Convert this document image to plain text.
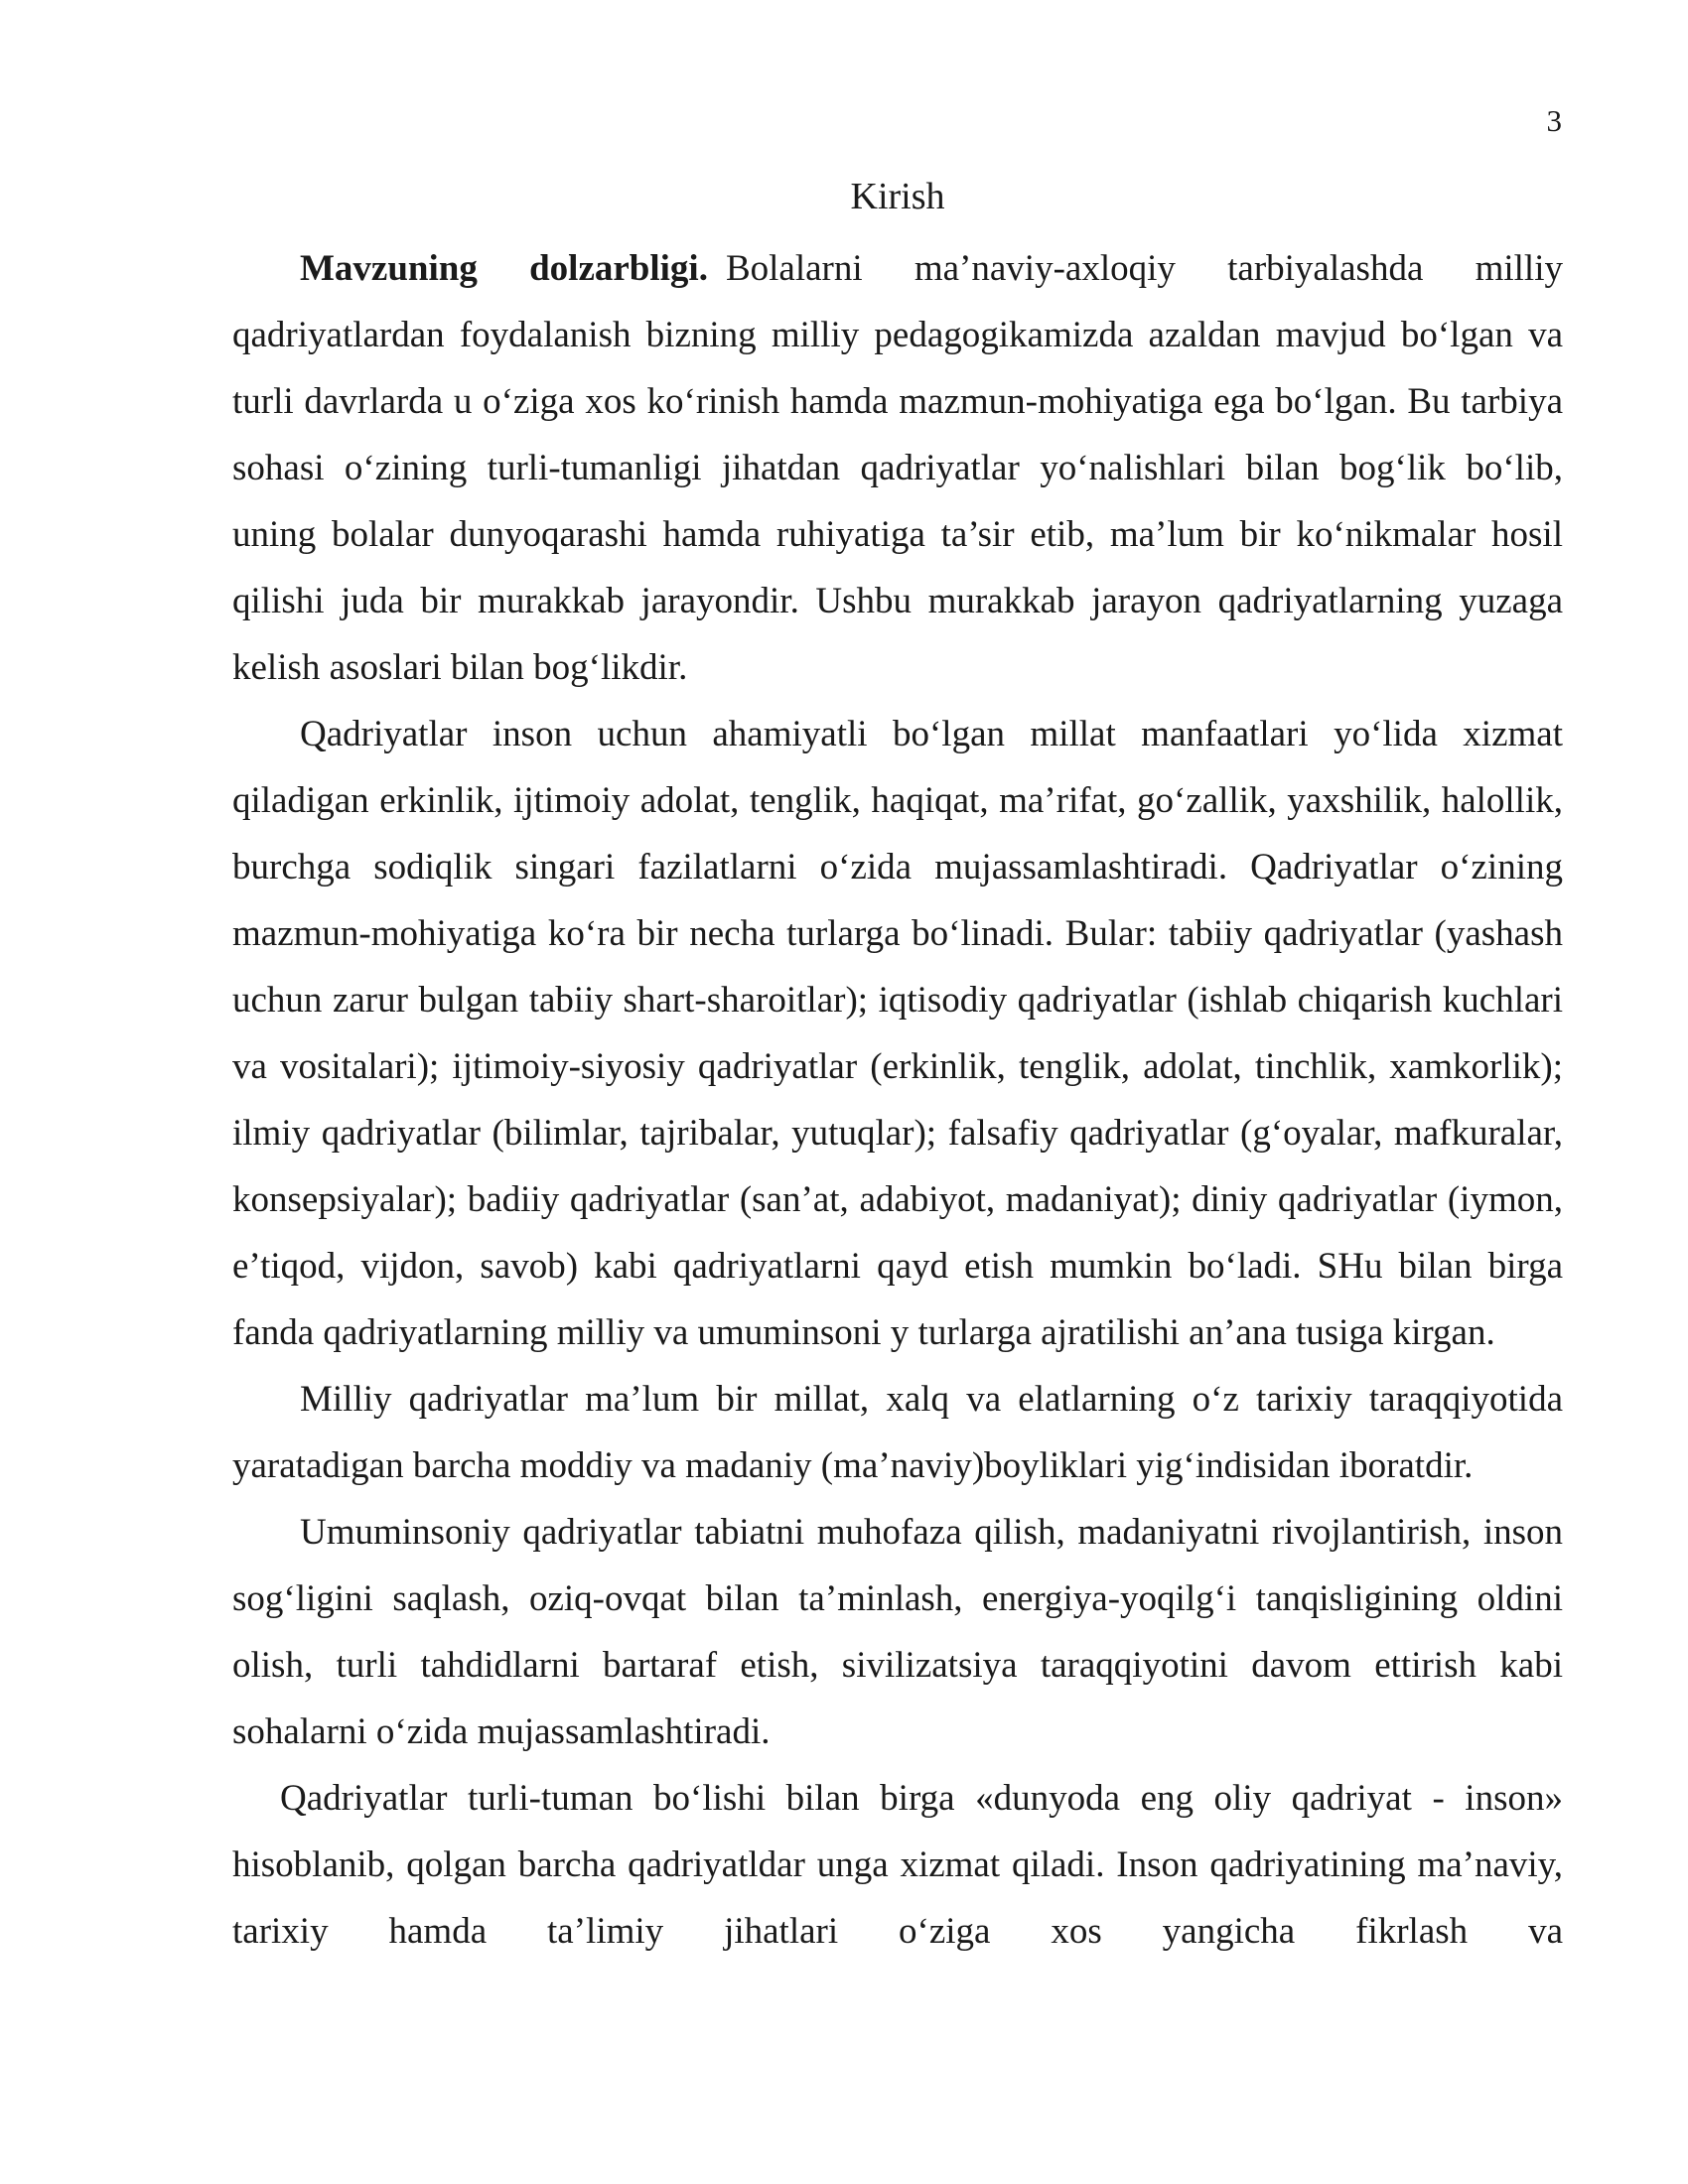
3
Kirish

Mavzuning dolzarbligi. Bolalarni ma’naviy-axloqiy tarbiyalashda milliy qadriyatlardan foydalanish bizning milliy pedagogikamizda azaldan mavjud bo‘lgan va turli davrlarda u o‘ziga xos ko‘rinish hamda mazmun-mohiyatiga ega bo‘lgan. Bu tarbiya sohasi o‘zining turli-tumanligi jihatdan qadriyatlar yo‘nalishlari bilan bog‘lik bo‘lib, uning bolalar dunyoqarashi hamda ruhiyatiga ta’sir etib, ma’lum bir ko‘nikmalar hosil qilishi juda bir murakkab jarayondir. Ushbu murakkab jarayon qadriyatlarning yuzaga kelish asoslari bilan bog‘likdir.

Qadriyatlar inson uchun ahamiyatli bo‘lgan millat manfaatlari yo‘lida xizmat qiladigan erkinlik, ijtimoiy adolat, tenglik, haqiqat, ma’rifat, go‘zallik, yaxshilik, halollik, burchga sodiqlik singari fazilatlarni o‘zida mujassamlashtiradi. Qadriyatlar o‘zining mazmun-mohiyatiga ko‘ra bir necha turlarga bo‘linadi. Bular: tabiiy qadriyatlar (yashash uchun zarur bulgan tabiiy shart-sharoitlar); iqtisodiy qadriyatlar (ishlab chiqarish kuchlari va vositalari); ijtimoiy-siyosiy qadriyatlar (erkinlik, tenglik, adolat, tinchlik, xamkorlik); ilmiy qadriyatlar (bilimlar, tajribalar, yutuqlar); falsafiy qadriyatlar (g‘oyalar, mafkuralar, konsepsiyalar); badiiy qadriyatlar (san’at, adabiyot, madaniyat); diniy qadriyatlar (iymon, e’tiqod, vijdon, savob) kabi qadriyatlarni qayd etish mumkin bo‘ladi. SHu bilan birga fanda qadriyatlarning milliy va umuminsoni y turlarga ajratilishi an’ana tusiga kirgan.

Milliy qadriyatlar ma’lum bir millat, xalq va elatlarning o‘z tarixiy taraqqiyotida yaratadigan barcha moddiy va madaniy (ma’naviy)boyliklari yig‘indisidan iboratdir.

Umuminsoniy qadriyatlar tabiatni muhofaza qilish, madaniyatni rivojlantirish, inson sog‘ligini saqlash, oziq-ovqat bilan ta’minlash, energiya-yoqilg‘i tanqisligining oldini olish, turli tahdidlarni bartaraf etish, sivilizatsiya taraqqiyotini davom ettirish kabi sohalarni o‘zida mujassamlashtiradi.

Qadriyatlar turli-tuman bo‘lishi bilan birga «dunyoda eng oliy qadriyat - inson» hisoblanib, qolgan barcha qadriyatldar unga xizmat qiladi. Inson qadriyatining ma’naviy, tarixiy hamda ta’limiy jihatlari o‘ziga xos yangicha fikrlash va
